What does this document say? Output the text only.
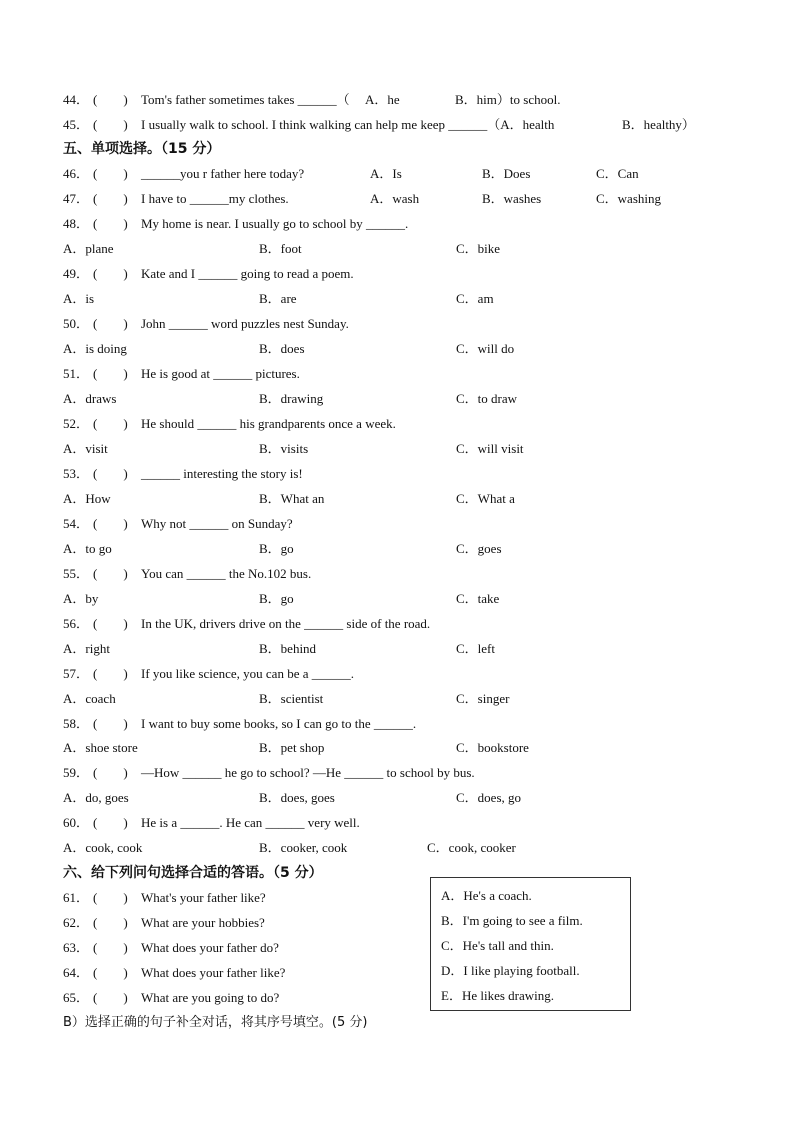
44． (　　) Tom's father sometimes takes ______（ A．he	B．him）to school.
45． (　　) I usually walk to school. I think walking can help me keep ______（A．health	B．healthy）
五、单项选择。（15 分）
46． (　　) ______you r father here today?	A．Is	B．Does	C．Can
47． (　　) I have to ______my clothes.	A．wash	B．washes	C．washing
48． (　　) My home is near. I usually go to school by ______.
A．plane	B．foot	C．bike
49． (　　) Kate and I ______ going to read a poem.
A．is	B．are	C．am
50． (　　) John ______ word puzzles nest Sunday.
A．is doing	B．does	C．will do
51． (　　) He is good at ______ pictures.
A．draws	B．drawing	C．to draw
52． (　　) He should ______ his grandparents once a week.
A．visit	B．visits	C．will visit
53． (　　) ______ interesting the story is!
A．How	B．What an	C．What a
54． (　　) Why not ______ on Sunday?
A．to go	B．go	C．goes
55． (　　) You can ______ the No.102 bus.
A．by	B．go	C．take
56． (　　) In the UK, drivers drive on the ______ side of the road.
A．right	B．behind	C．left
57． (　　) If you like science, you can be a ______.
A．coach	B．scientist	C．singer
58． (　　) I want to buy some books, so I can go to the ______.
A．shoe store	B．pet shop	C．bookstore
59． (　　) —How ______ he go to school? —He ______ to school by bus.
A．do, goes	B．does, goes	C．does, go
60． (　　) He is a ______. He can ______ very well.
A．cook, cook	B．cooker, cook	C．cook, cooker
六、给下列问句选择合适的答语。（5 分）
61． (　　) What's your father like?
62． (　　) What are your hobbies?
63． (　　) What does your father do?
64． (　　) What does your father like?
65． (　　) What are you going to do?
A．He's a coach.
B．I'm going to see a film.
C．He's tall and thin.
D．I like playing football.
E．He likes drawing.
B）选择正确的句子补全对话，将其序号填空。(5 分)
